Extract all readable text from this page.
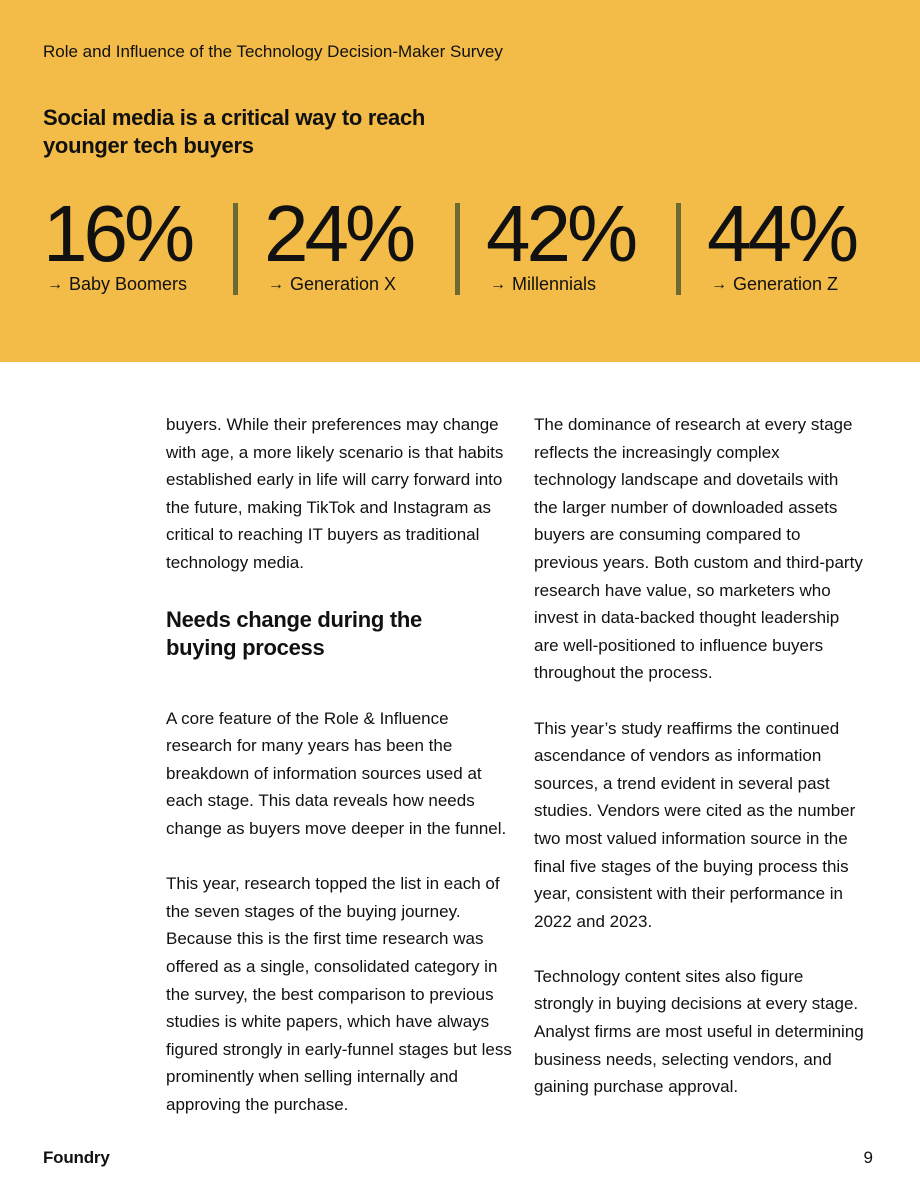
Role and Influence of the Technology Decision-Maker Survey
Social media is a critical way to reach younger tech buyers
16%
→ Baby Boomers
24%
→ Generation X
42%
→ Millennials
44%
→ Generation Z

buyers. While their preferences may change with age, a more likely scenario is that habits established early in life will carry forward into the future, making TikTok and Instagram as critical to reaching IT buyers as traditional technology media.

Needs change during the buying process

A core feature of the Role & Influence research for many years has been the breakdown of information sources used at each stage. This data reveals how needs change as buyers move deeper in the funnel.

This year, research topped the list in each of the seven stages of the buying journey. Because this is the first time research was offered as a single, consolidated category in the survey, the best comparison to previous studies is white papers, which have always figured strongly in early-funnel stages but less prominently when selling internally and approving the purchase.

The dominance of research at every stage reflects the increasingly complex technology landscape and dovetails with the larger number of downloaded assets buyers are consuming compared to previous years. Both custom and third-party research have value, so marketers who invest in data-backed thought leadership are well-positioned to influence buyers throughout the process.

This year’s study reaffirms the continued ascendance of vendors as information sources, a trend evident in several past studies. Vendors were cited as the number two most valued information source in the final five stages of the buying process this year, consistent with their performance in 2022 and 2023.

Technology content sites also figure strongly in buying decisions at every stage. Analyst firms are most useful in determining business needs, selecting vendors, and gaining purchase approval.

Foundry	9
